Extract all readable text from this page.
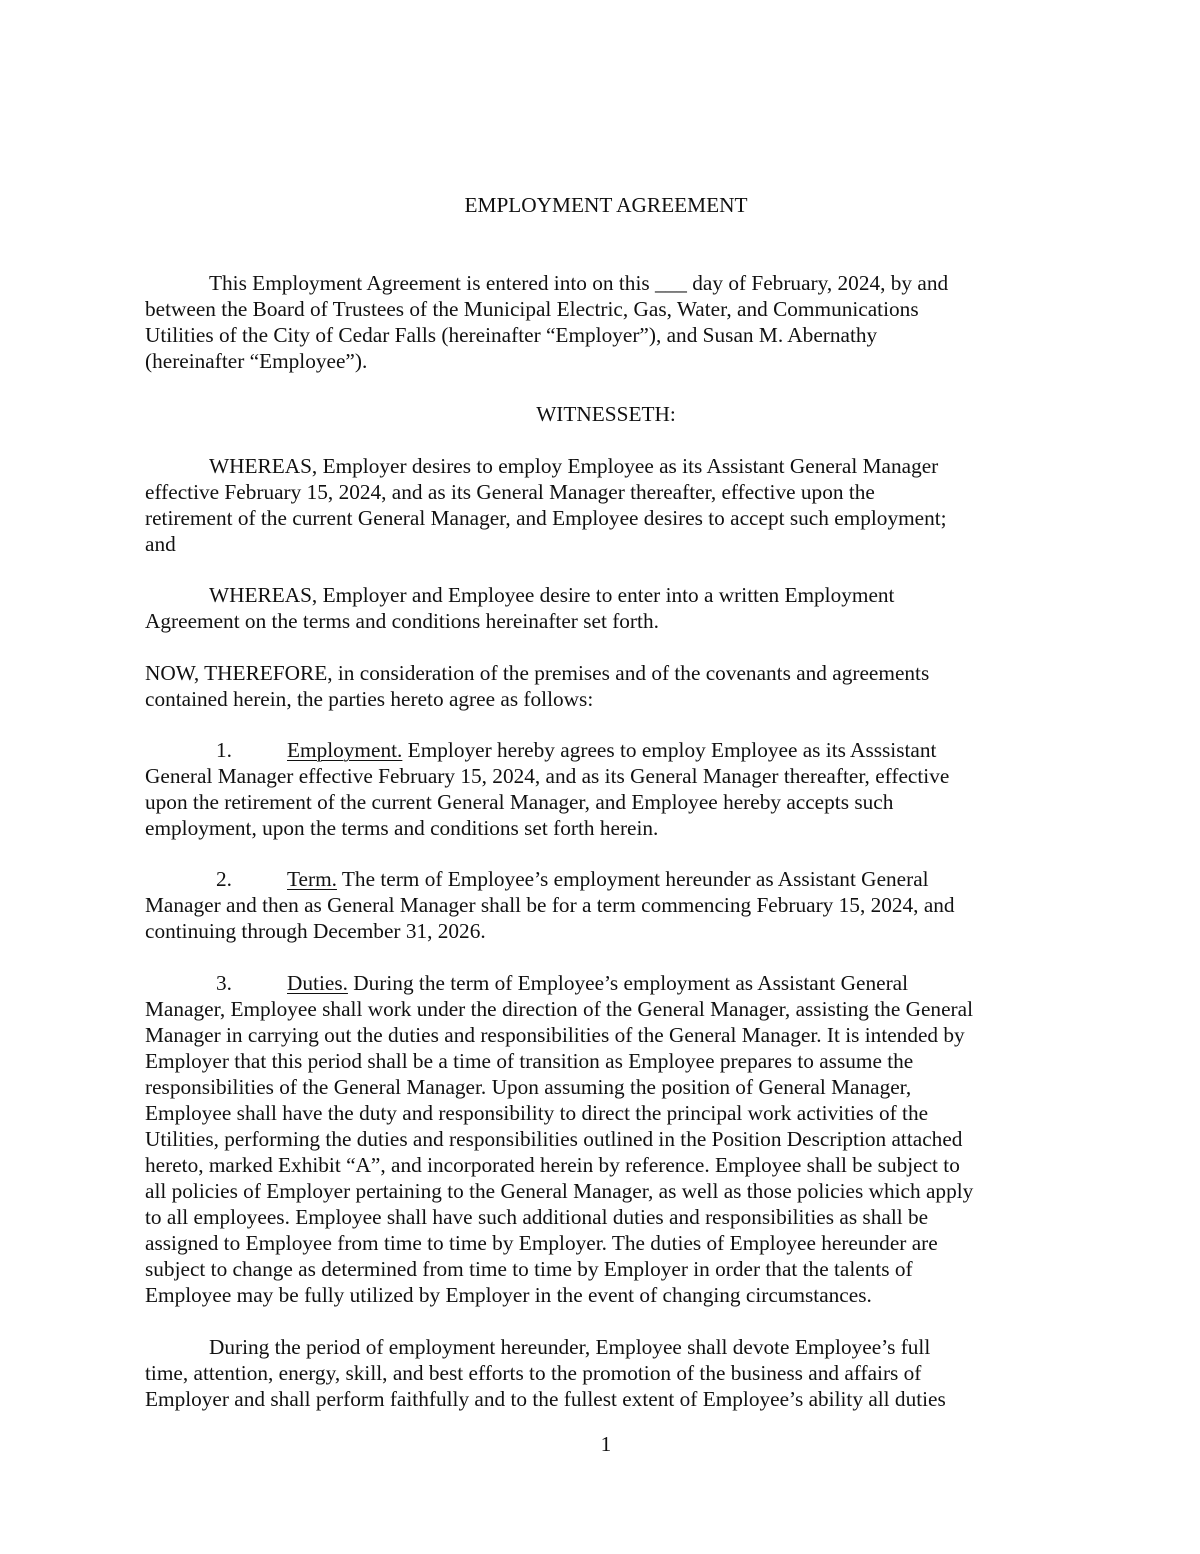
EMPLOYMENT AGREEMENT
This Employment Agreement is entered into on this ___ day of February, 2024, by and
between the Board of Trustees of the Municipal Electric, Gas, Water, and Communications
Utilities of the City of Cedar Falls (hereinafter “Employer”), and Susan M. Abernathy
(hereinafter “Employee”).
WITNESSETH:
WHEREAS, Employer desires to employ Employee as its Assistant General Manager
effective February 15, 2024, and as its General Manager thereafter, effective upon the
retirement of the current General Manager, and Employee desires to accept such employment;
and
WHEREAS, Employer and Employee desire to enter into a written Employment
Agreement on the terms and conditions hereinafter set forth.
NOW, THEREFORE, in consideration of the premises and of the covenants and agreements
contained herein, the parties hereto agree as follows:
1.	Employment. Employer hereby agrees to employ Employee as its Asssistant
General Manager effective February 15, 2024, and as its General Manager thereafter, effective
upon the retirement of the current General Manager, and Employee hereby accepts such
employment, upon the terms and conditions set forth herein.
2.	Term. The term of Employee’s employment hereunder as Assistant General
Manager and then as General Manager shall be for a term commencing February 15, 2024, and
continuing through December 31, 2026.
3.	Duties. During the term of Employee’s employment as Assistant General
Manager, Employee shall work under the direction of the General Manager, assisting the General
Manager in carrying out the duties and responsibilities of the General Manager. It is intended by
Employer that this period shall be a time of transition as Employee prepares to assume the
responsibilities of the General Manager. Upon assuming the position of General Manager,
Employee shall have the duty and responsibility to direct the principal work activities of the
Utilities, performing the duties and responsibilities outlined in the Position Description attached
hereto, marked Exhibit “A”, and incorporated herein by reference. Employee shall be subject to
all policies of Employer pertaining to the General Manager, as well as those policies which apply
to all employees. Employee shall have such additional duties and responsibilities as shall be
assigned to Employee from time to time by Employer. The duties of Employee hereunder are
subject to change as determined from time to time by Employer in order that the talents of
Employee may be fully utilized by Employer in the event of changing circumstances.
During the period of employment hereunder, Employee shall devote Employee’s full
time, attention, energy, skill, and best efforts to the promotion of the business and affairs of
Employer and shall perform faithfully and to the fullest extent of Employee’s ability all duties
1
